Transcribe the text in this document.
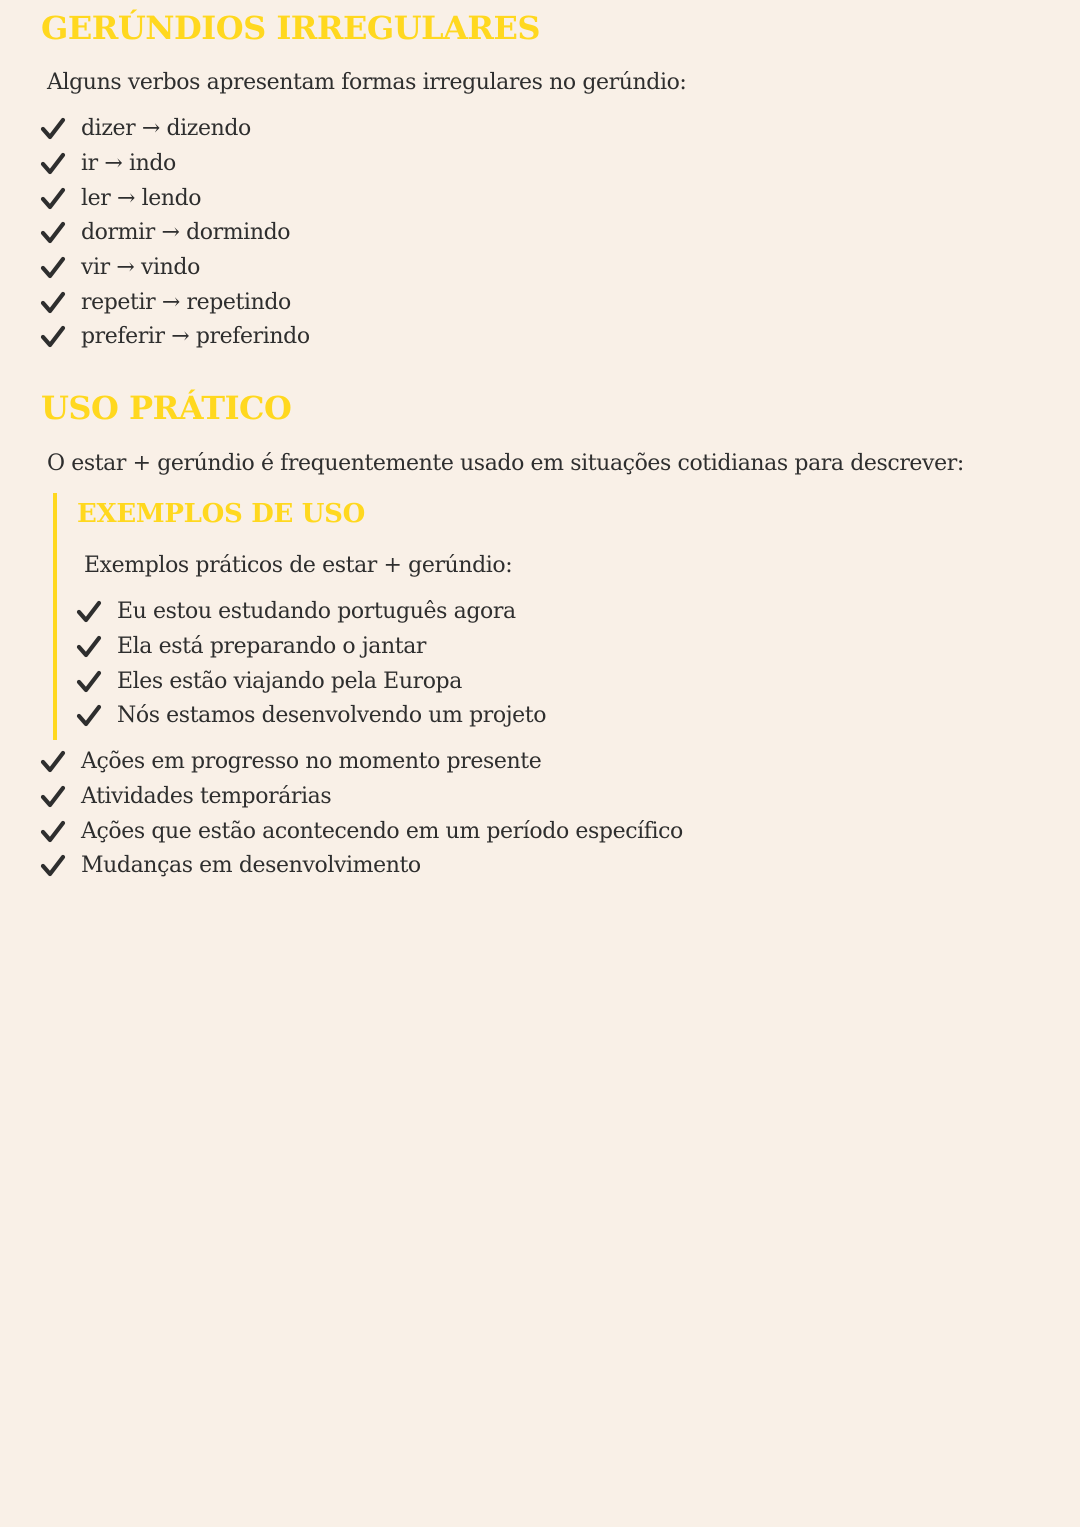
GERÚNDIOS IRREGULARES

Alguns verbos apresentam formas irregulares no gerúndio:

dizer → dizendo
ir → indo
ler → lendo
dormir → dormindo
vir → vindo
repetir → repetindo
preferir → preferindo
USO PRÁTICO

O estar + gerúndio é frequentemente usado em situações cotidianas para descrever:

EXEMPLOS DE USO

Exemplos práticos de estar + gerúndio:

Eu estou estudando português agora
Ela está preparando o jantar
Eles estão viajando pela Europa
Nós estamos desenvolvendo um projeto
Ações em progresso no momento presente
Atividades temporárias
Ações que estão acontecendo em um período específico
Mudanças em desenvolvimento
